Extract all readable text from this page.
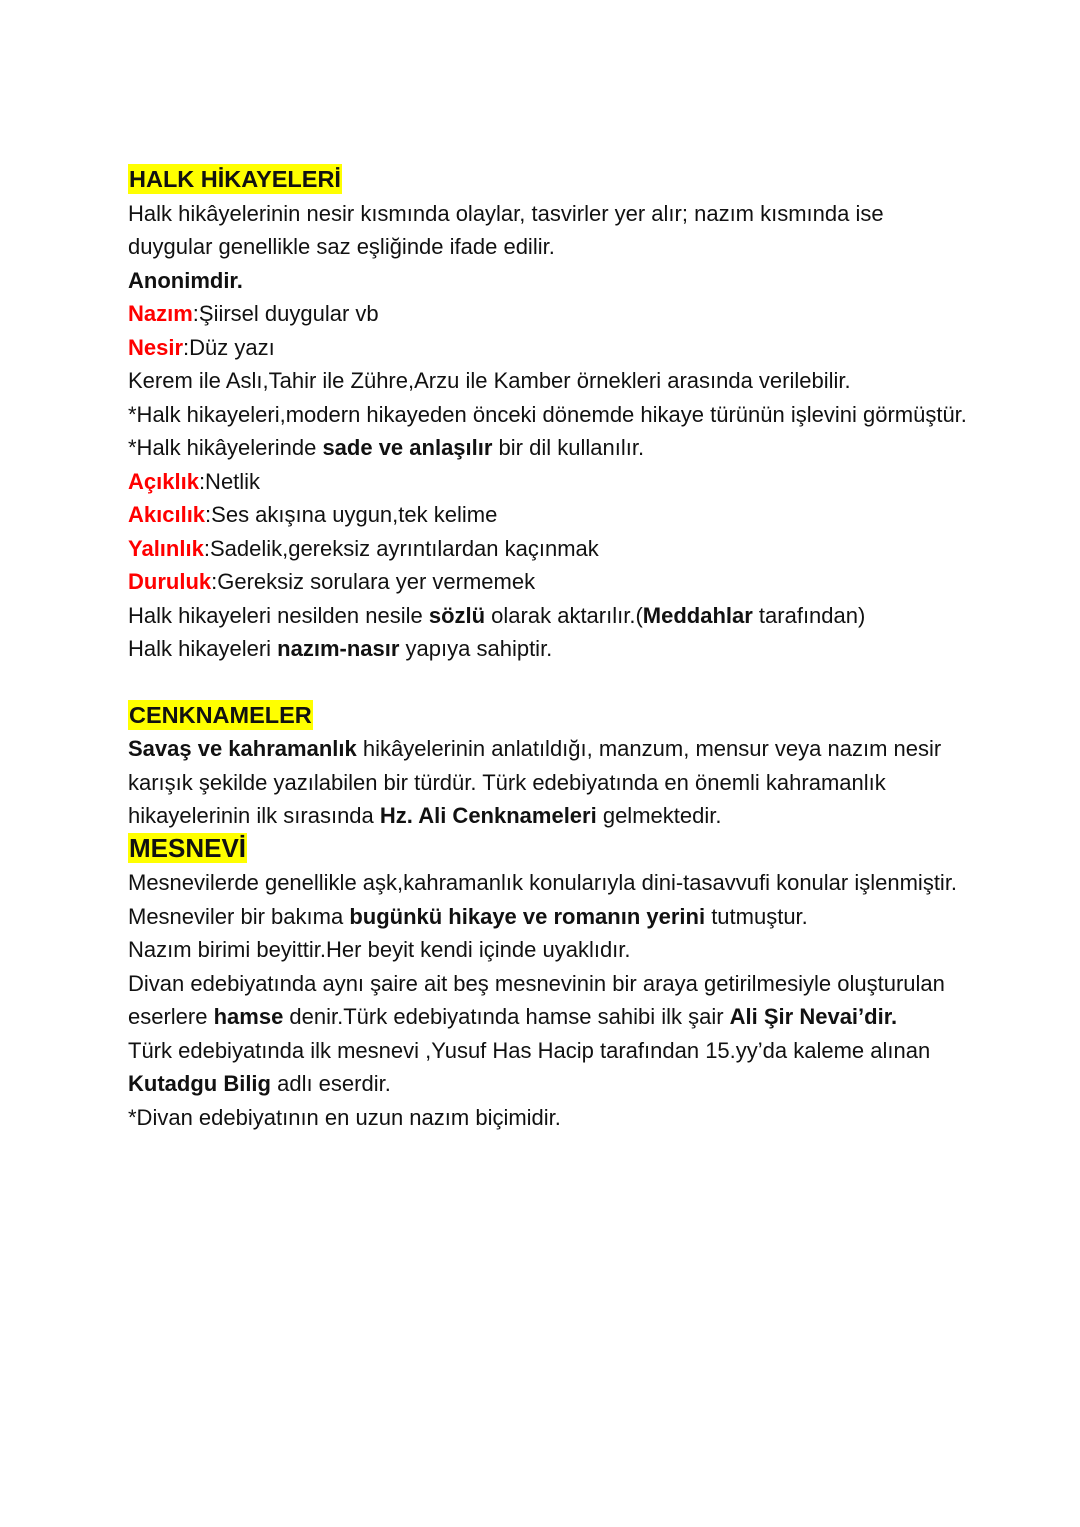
HALK HİKAYELERİ
Halk hikâyelerinin nesir kısmında olaylar, tasvirler yer alır; nazım kısmında ise duygular genellikle saz eşliğinde ifade edilir.
Anonimdir.
Nazım:Şiirsel duygular vb
Nesir:Düz yazı
Kerem ile Aslı,Tahir ile Zühre,Arzu ile Kamber örnekleri arasında verilebilir.
*Halk hikayeleri,modern hikayeden önceki dönemde hikaye türünün işlevini görmüştür.
*Halk hikâyelerinde sade ve anlaşılır bir dil kullanılır.
Açıklık:Netlik
Akıcılık:Ses akışına uygun,tek kelime
Yalınlık:Sadelik,gereksiz ayrıntılardan kaçınmak
Duruluk:Gereksiz sorulara yer vermemek
Halk hikayeleri nesilden nesile sözlü olarak aktarılır.(Meddahlar tarafından)
Halk hikayeleri nazım-nasır yapıya sahiptir.
CENKNAMELER
Savaş ve kahramanlık hikâyelerinin anlatıldığı, manzum, mensur veya nazım nesir karışık şekilde yazılabilen bir türdür. Türk edebiyatında en önemli kahramanlık hikayelerinin ilk sırasında Hz. Ali Cenknameleri gelmektedir.
MESNEVİ
Mesnevilerde genellikle aşk,kahramanlık konularıyla dini-tasavvufi konular işlenmiştir.
Mesneviler bir bakıma bugünkü hikaye ve romanın yerini tutmuştur.
Nazım birimi beyittir.Her beyit kendi içinde uyaklıdır.
Divan edebiyatında aynı şaire ait beş mesnevinin bir araya getirilmesiyle oluşturulan eserlere hamse denir.Türk edebiyatında hamse sahibi ilk şair Ali Şir Nevai’dir.
Türk edebiyatında ilk mesnevi ,Yusuf Has Hacip tarafından 15.yy’da kaleme alınan Kutadgu Bilig adlı eserdir.
*Divan edebiyatının en uzun nazım biçimidir.
